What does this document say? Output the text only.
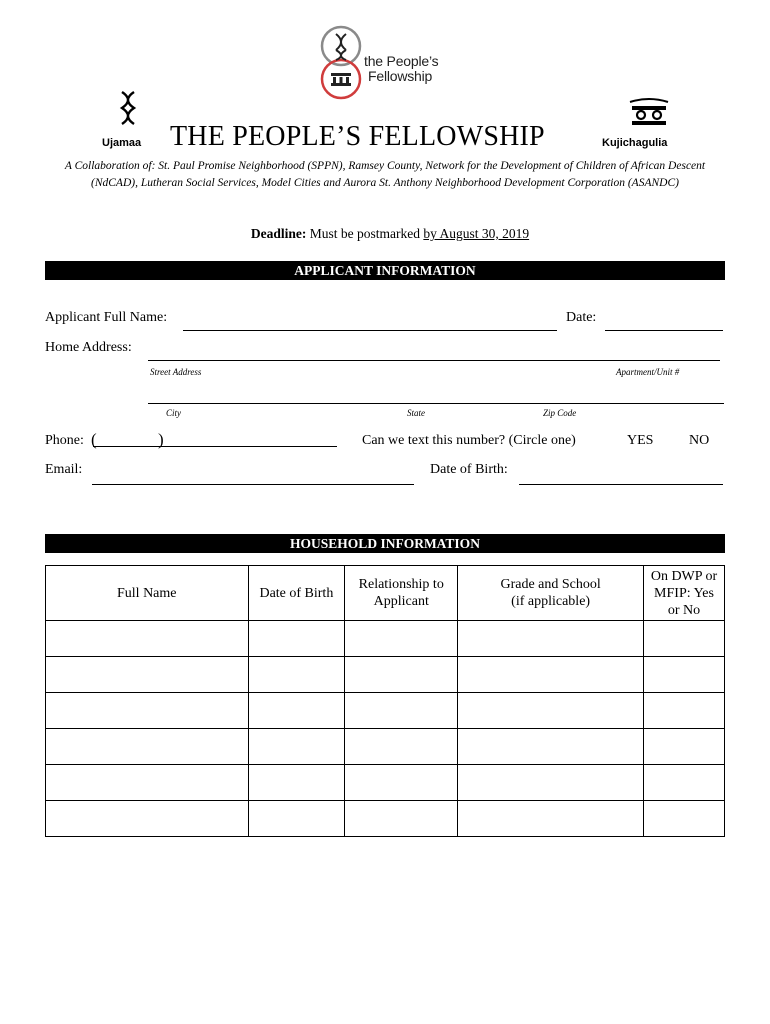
the People’s
Fellowship
Ujamaa THE PEOPLE’S FELLOWSHIP	Kujichagulia
A Collaboration of: St. Paul Promise Neighborhood (SPPN), Ramsey County, Network for the Development of Children of African Descent (NdCAD), Lutheran Social Services, Model Cities and Aurora St. Anthony Neighborhood Development Corporation (ASANDC)
Deadline: Must be postmarked by August 30, 2019
APPLICANT INFORMATION
Applicant Full Name:	Date:
Home Address:
Street Address	Apartment/Unit #
City	State	Zip Code
Phone: (	)	Can we text this number? (Circle one)	YES	NO
Email:	Date of Birth:
HOUSEHOLD INFORMATION
Full Name	Date of Birth	Relationship to Applicant	Grade and School (if applicable)	On DWP or MFIP: Yes or No
